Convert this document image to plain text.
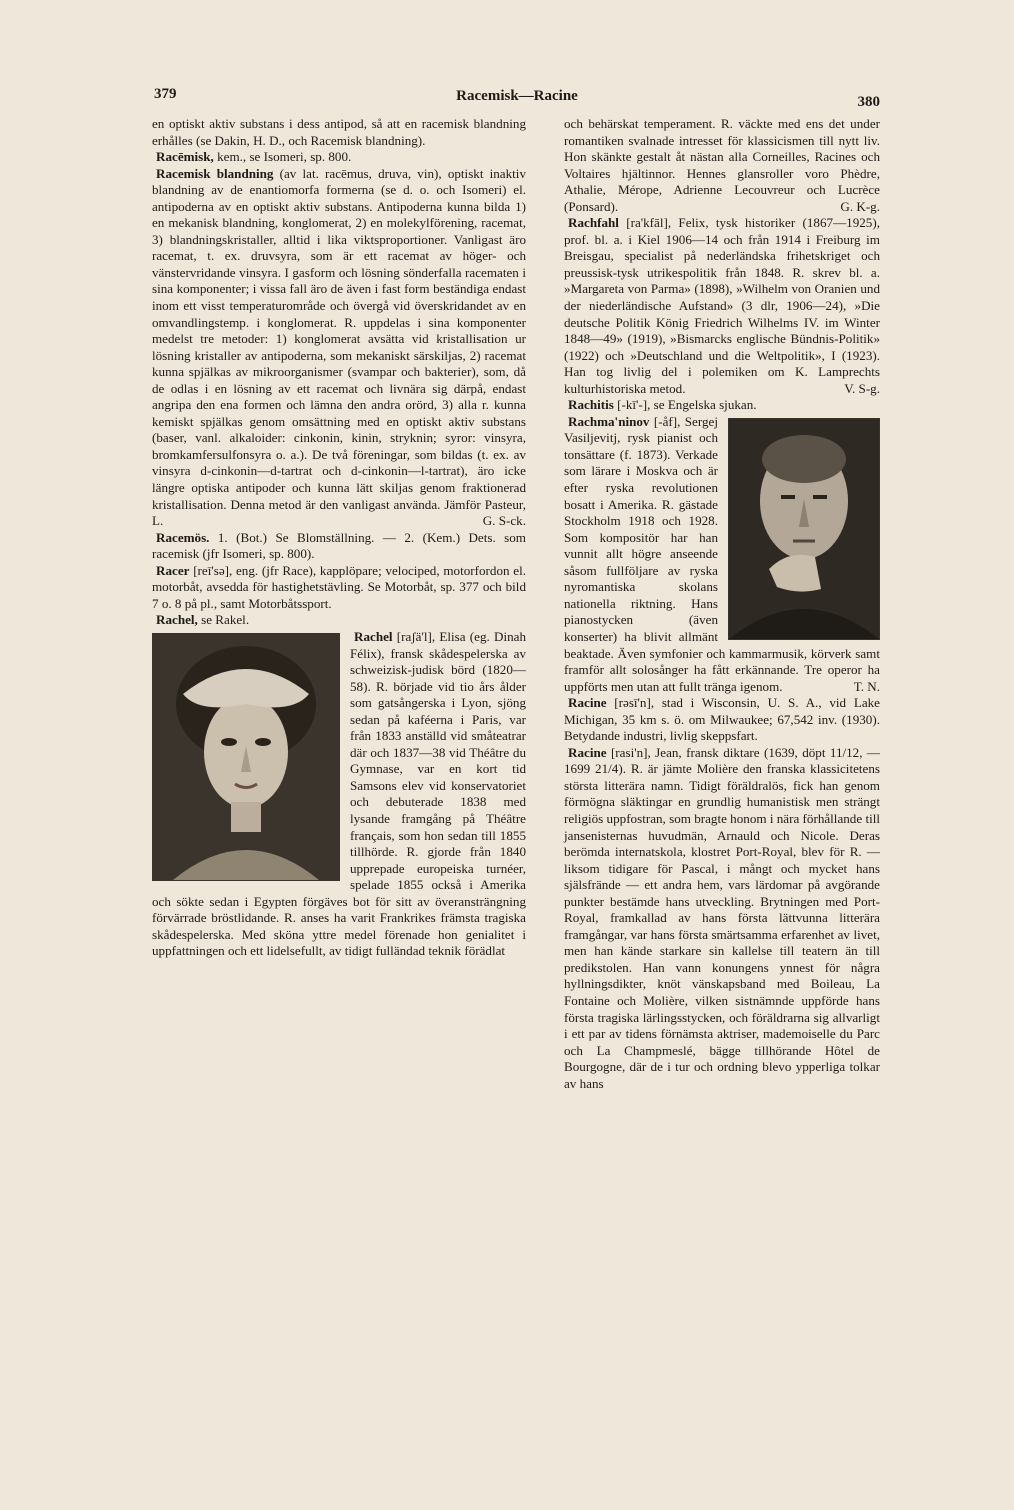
379	Racemisk—Racine	380

en optiskt aktiv substans i dess antipod, så att en racemisk blandning erhålles (se Dakin, H. D., och Racemisk blandning).

Racēmisk, kem., se Isomeri, sp. 800.

Racemisk blandning (av lat. racēmus, druva, vin), optiskt inaktiv blandning av de enantiomorfa formerna (se d. o. och Isomeri) el. antipoderna av en optiskt aktiv substans. Antipoderna kunna bilda 1) en mekanisk blandning, konglomerat, 2) en molekylförening, racemat, 3) blandningskristaller, alltid i lika viktsproportioner. Vanligast äro racemat, t. ex. druvsyra, som är ett racemat av höger- och vänstervridande vinsyra. I gasform och lösning sönderfalla racematen i sina komponenter; i vissa fall äro de även i fast form beständiga endast inom ett visst temperaturområde och övergå vid överskridandet av en omvandlingstemp. i konglomerat. R. uppdelas i sina komponenter medelst tre metoder: 1) konglomerat avsätta vid kristallisation ur lösning kristaller av antipoderna, som mekaniskt särskiljas, 2) racemat kunna spjälkas av mikroorganismer (svampar och bakterier), som, då de odlas i en lösning av ett racemat och livnära sig därpå, endast angripa den ena formen och lämna den andra orörd, 3) alla r. kunna kemiskt spjälkas genom omsättning med en optiskt aktiv substans (baser, vanl. alkaloider: cinkonin, kinin, stryknin; syror: vinsyra, bromkamfersulfonsyra o. a.). De två föreningar, som bildas (t. ex. av vinsyra d-cinkonin—d-tartrat och d-cinkonin—l-tartrat), äro icke längre optiska antipoder och kunna lätt skiljas genom fraktionerad kristallisation. Denna metod är den vanligast använda. Jämför Pasteur, L.	G. S-ck.

Racemös. 1. (Bot.) Se Blomställning. — 2. (Kem.) Dets. som racemisk (jfr Isomeri, sp. 800).

Racer [reī'sə], eng. (jfr Race), kapplöpare; velociped, motorfordon el. motorbåt, avsedda för hastighetstävling. Se Motorbåt, sp. 377 och bild 7 o. 8 på pl., samt Motorbåtssport.

Rachel, se Rakel.

Rachel [raʃä'l], Elisa (eg. Dinah Félix), fransk skådespelerska av schweizisk-judisk börd (1820—58). R. började vid tio års ålder som gatsångerska i Lyon, sjöng sedan på kaféerna i Paris, var från 1833 anställd vid småteatrar där och 1837—38 vid Théâtre du Gymnase, var en kort tid Samsons elev vid konservatoriet och debuterade 1838 med lysande framgång på Théâtre français, som hon sedan till 1855 tillhörde. R. gjorde från 1840 upprepade europeiska turnéer, spelade 1855 också i Amerika och sökte sedan i Egypten förgäves bot för sitt av överansträngning förvärrade bröstlidande. R. anses ha varit Frankrikes främsta tragiska skådespelerska. Med sköna yttre medel förenade hon genialitet i uppfattningen och ett lidelsefullt, av tidigt fulländad teknik förädlat

och behärskat temperament. R. väckte med ens det under romantiken svalnade intresset för klassicismen till nytt liv. Hon skänkte gestalt åt nästan alla Corneilles, Racines och Voltaires hjältinnor. Hennes glansroller voro Phèdre, Athalie, Mérope, Adrienne Lecouvreur och Lucrèce (Ponsard).	G. K-g.

Rachfahl [ra'kfāl], Felix, tysk historiker (1867—1925), prof. bl. a. i Kiel 1906—14 och från 1914 i Freiburg im Breisgau, specialist på nederländska frihetskriget och preussisk-tysk utrikespolitik från 1848. R. skrev bl. a. »Margareta von Parma» (1898), »Wilhelm von Oranien und der niederländische Aufstand» (3 dlr, 1906—24), »Die deutsche Politik König Friedrich Wilhelms IV. im Winter 1848—49» (1919), »Bismarcks englische Bündnis-Politik» (1922) och »Deutschland und die Weltpolitik», I (1923). Han tog livlig del i polemiken om K. Lamprechts kulturhistoriska metod.	V. S-g.

Rachitis [-kī'-], se Engelska sjukan.

Rachma'ninov [-åf], Sergej Vasiljevitj, rysk pianist och tonsättare (f. 1873). Verkade som lärare i Moskva och är efter ryska revolutionen bosatt i Amerika. R. gästade Stockholm 1918 och 1928. Som kompositör har han vunnit allt högre anseende såsom fullföljare av ryska nyromantiska skolans nationella riktning. Hans pianostycken (även konserter) ha blivit allmänt beaktade. Även symfonier och kammarmusik, körverk samt framför allt solosånger ha fått erkännande. Tre operor ha uppförts men utan att fullt tränga igenom.	T. N.

Racine [rəsī'n], stad i Wisconsin, U. S. A., vid Lake Michigan, 35 km s. ö. om Milwaukee; 67,542 inv. (1930). Betydande industri, livlig skeppsfart.

Racine [rasi'n], Jean, fransk diktare (1639, döpt 11/12, —1699 21/4). R. är jämte Molière den franska klassicitetens största litterära namn. Tidigt föräldralös, fick han genom förmögna släktingar en grundlig humanistisk men strängt religiös uppfostran, som bragte honom i nära förhållande till jansenisternas huvudmän, Arnauld och Nicole. Deras berömda internatskola, klostret Port-Royal, blev för R. — liksom tidigare för Pascal, i mångt och mycket hans själsfrände — ett andra hem, vars lärdomar på avgörande punkter bestämde hans utveckling. Brytningen med Port-Royal, framkallad av hans första lättvunna litterära framgångar, var hans första smärtsamma erfarenhet av livet, men han kände starkare sin kallelse till teatern än till predikstolen. Han vann konungens ynnest för några hyllningsdikter, knöt vänskapsband med Boileau, La Fontaine och Molière, vilken sistnämnde uppförde hans första tragiska lärlingsstycken, och föräldrarna sig allvarligt i ett par av tidens förnämsta aktriser, mademoiselle du Parc och La Champmeslé, bägge tillhörande Hôtel de Bourgogne, där de i tur och ordning blevo ypperliga tolkar av hans
